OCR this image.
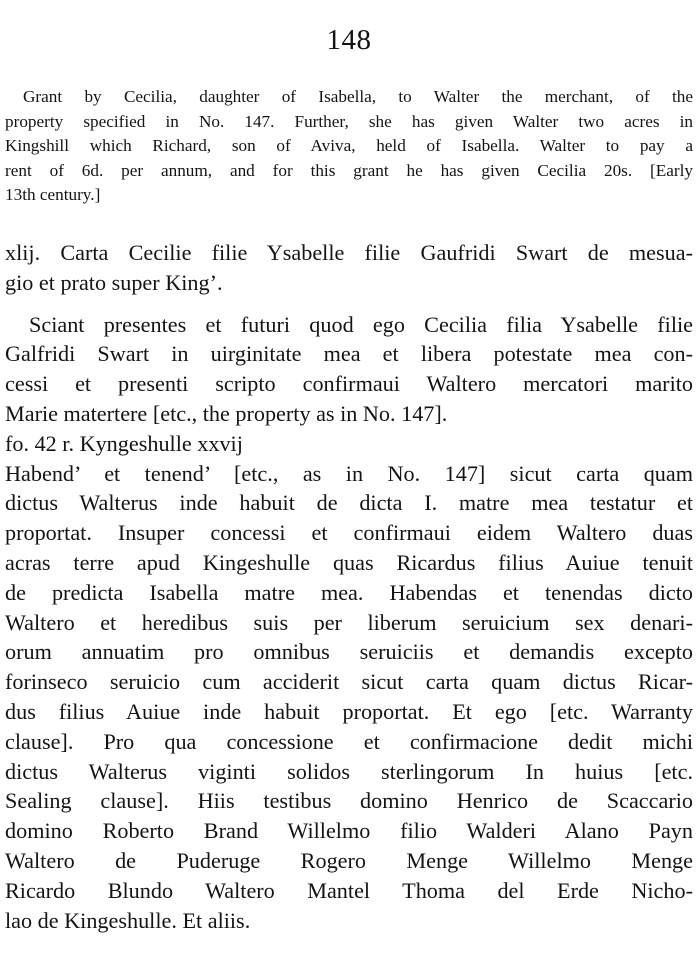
148
Grant by Cecilia, daughter of Isabella, to Walter the merchant, of the
property specified in No. 147. Further, she has given Walter two acres in
Kingshill which Richard, son of Aviva, held of Isabella. Walter to pay a
rent of 6d. per annum, and for this grant he has given Cecilia 20s. [Early
13th century.]
xlij. Carta Cecilie filie Ysabelle filie Gaufridi Swart de mesua-
gio et prato super King’.
Sciant presentes et futuri quod ego Cecilia filia Ysabelle filie
Galfridi Swart in uirginitate mea et libera potestate mea con-
cessi et presenti scripto confirmaui Waltero mercatori marito
Marie matertere [etc., the property as in No. 147].
fo. 42 r. Kyngeshulle xxvij
Habend’ et tenend’ [etc., as in No. 147] sicut carta quam
dictus Walterus inde habuit de dicta I. matre mea testatur et
proportat. Insuper concessi et confirmaui eidem Waltero duas
acras terre apud Kingeshulle quas Ricardus filius Auiue tenuit
de predicta Isabella matre mea. Habendas et tenendas dicto
Waltero et heredibus suis per liberum seruicium sex denari-
orum annuatim pro omnibus seruiciis et demandis excepto
forinseco seruicio cum acciderit sicut carta quam dictus Ricar-
dus filius Auiue inde habuit proportat. Et ego [etc. Warranty
clause]. Pro qua concessione et confirmacione dedit michi
dictus Walterus viginti solidos sterlingorum In huius [etc.
Sealing clause]. Hiis testibus domino Henrico de Scaccario
domino Roberto Brand Willelmo filio Walderi Alano Payn
Waltero de Puderuge Rogero Menge Willelmo Menge
Ricardo Blundo Waltero Mantel Thoma del Erde Nicho-
lao de Kingeshulle. Et aliis.
